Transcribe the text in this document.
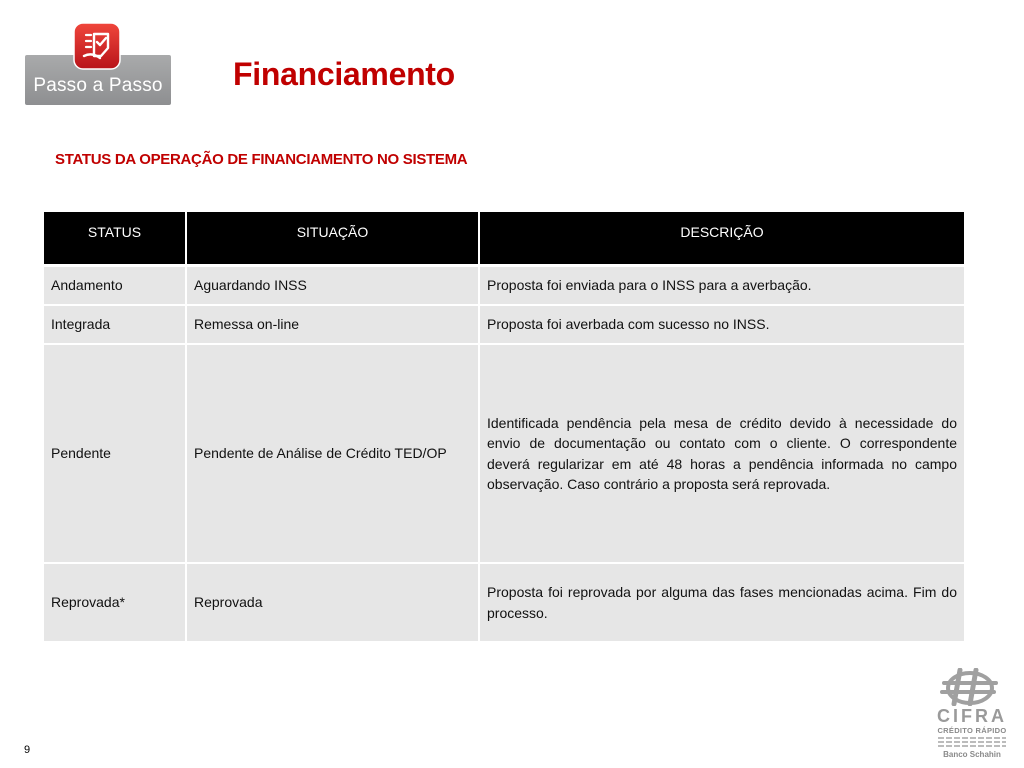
Passo a Passo Financiamento
STATUS DA OPERAÇÃO DE FINANCIAMENTO NO SISTEMA
STATUS	SITUAÇÃO	DESCRIÇÃO
Andamento	Aguardando INSS	Proposta foi enviada para o INSS para a averbação.
Integrada	Remessa on-line	Proposta foi averbada com sucesso no INSS.
Pendente	Pendente de Análise de Crédito TED/OP	Identificada pendência pela mesa de crédito devido à necessidade do envio de documentação ou contato com o cliente. O correspondente deverá regularizar em até 48 horas a pendência informada no campo observação. Caso contrário a proposta será reprovada.
Reprovada*	Reprovada	Proposta foi reprovada por alguma das fases mencionadas acima. Fim do processo.
9
CIFRA
CRÉDITO RÁPIDO
Banco Schahin
